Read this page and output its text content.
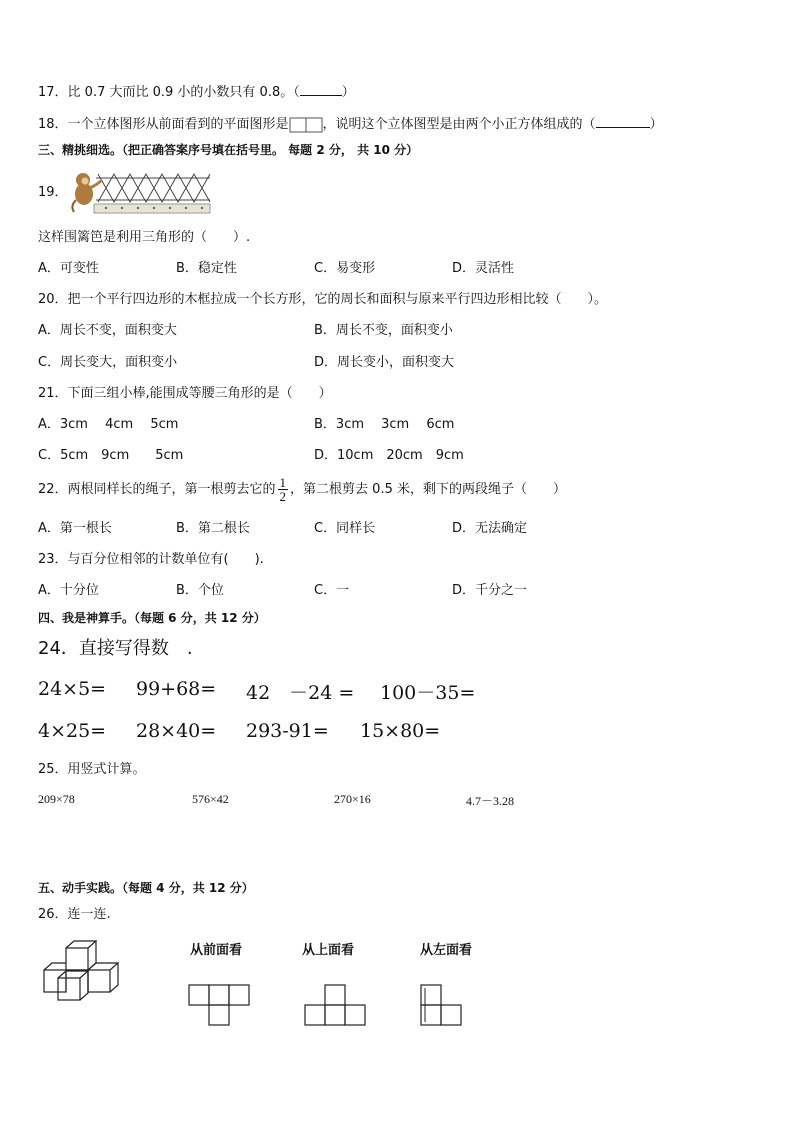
17．比 0.7 大而比 0.9 小的小数只有 0.8。（	）
18．一个立体图形从前面看到的平面图形是	，说明这个立体图型是由两个小正方体组成的（	）
三、精挑细选。（把正确答案序号填在括号里。 每题 2 分， 共 10 分）
19．
这样围篱笆是利用三角形的（　　）.
A．可变性	B．稳定性	C．易变形	D．灵活性
20．把一个平行四边形的木框拉成一个长方形，它的周长和面积与原来平行四边形相比较（　　）。
A．周长不变，面积变大	B．周长不变，面积变小
C．周长变大，面积变小	D．周长变小，面积变大
21．下面三组小棒,能围成等腰三角形的是（　　）
A．3cm　 4cm　 5cm	B．3cm　 3cm　 6cm
C．5cm　9cm　　5cm	D．10cm　20cm　9cm
22．两根同样长的绳子，第一根剪去它的 $\frac{1}{2}$ ，第二根剪去 0.5 米，剩下的两段绳子（　　）
A．第一根长	B．第二根长	C．同样长	D．无法确定
23．与百分位相邻的计数单位有(　　).
A．十分位	B．个位	C．一	D．千分之一
四、我是神算手。（每题 6 分，共 12 分）
24．直接写得数　.
24×5= 99+68= 42　－24 = 100－35=
4×25= 28×40= 293-91= 15×80=
25．用竖式计算。
209×78	576×42	270×16	4.7－3.28
五、动手实践。（每题 4 分，共 12 分）
26．连一连.
从前面看	从上面看	从左面看
